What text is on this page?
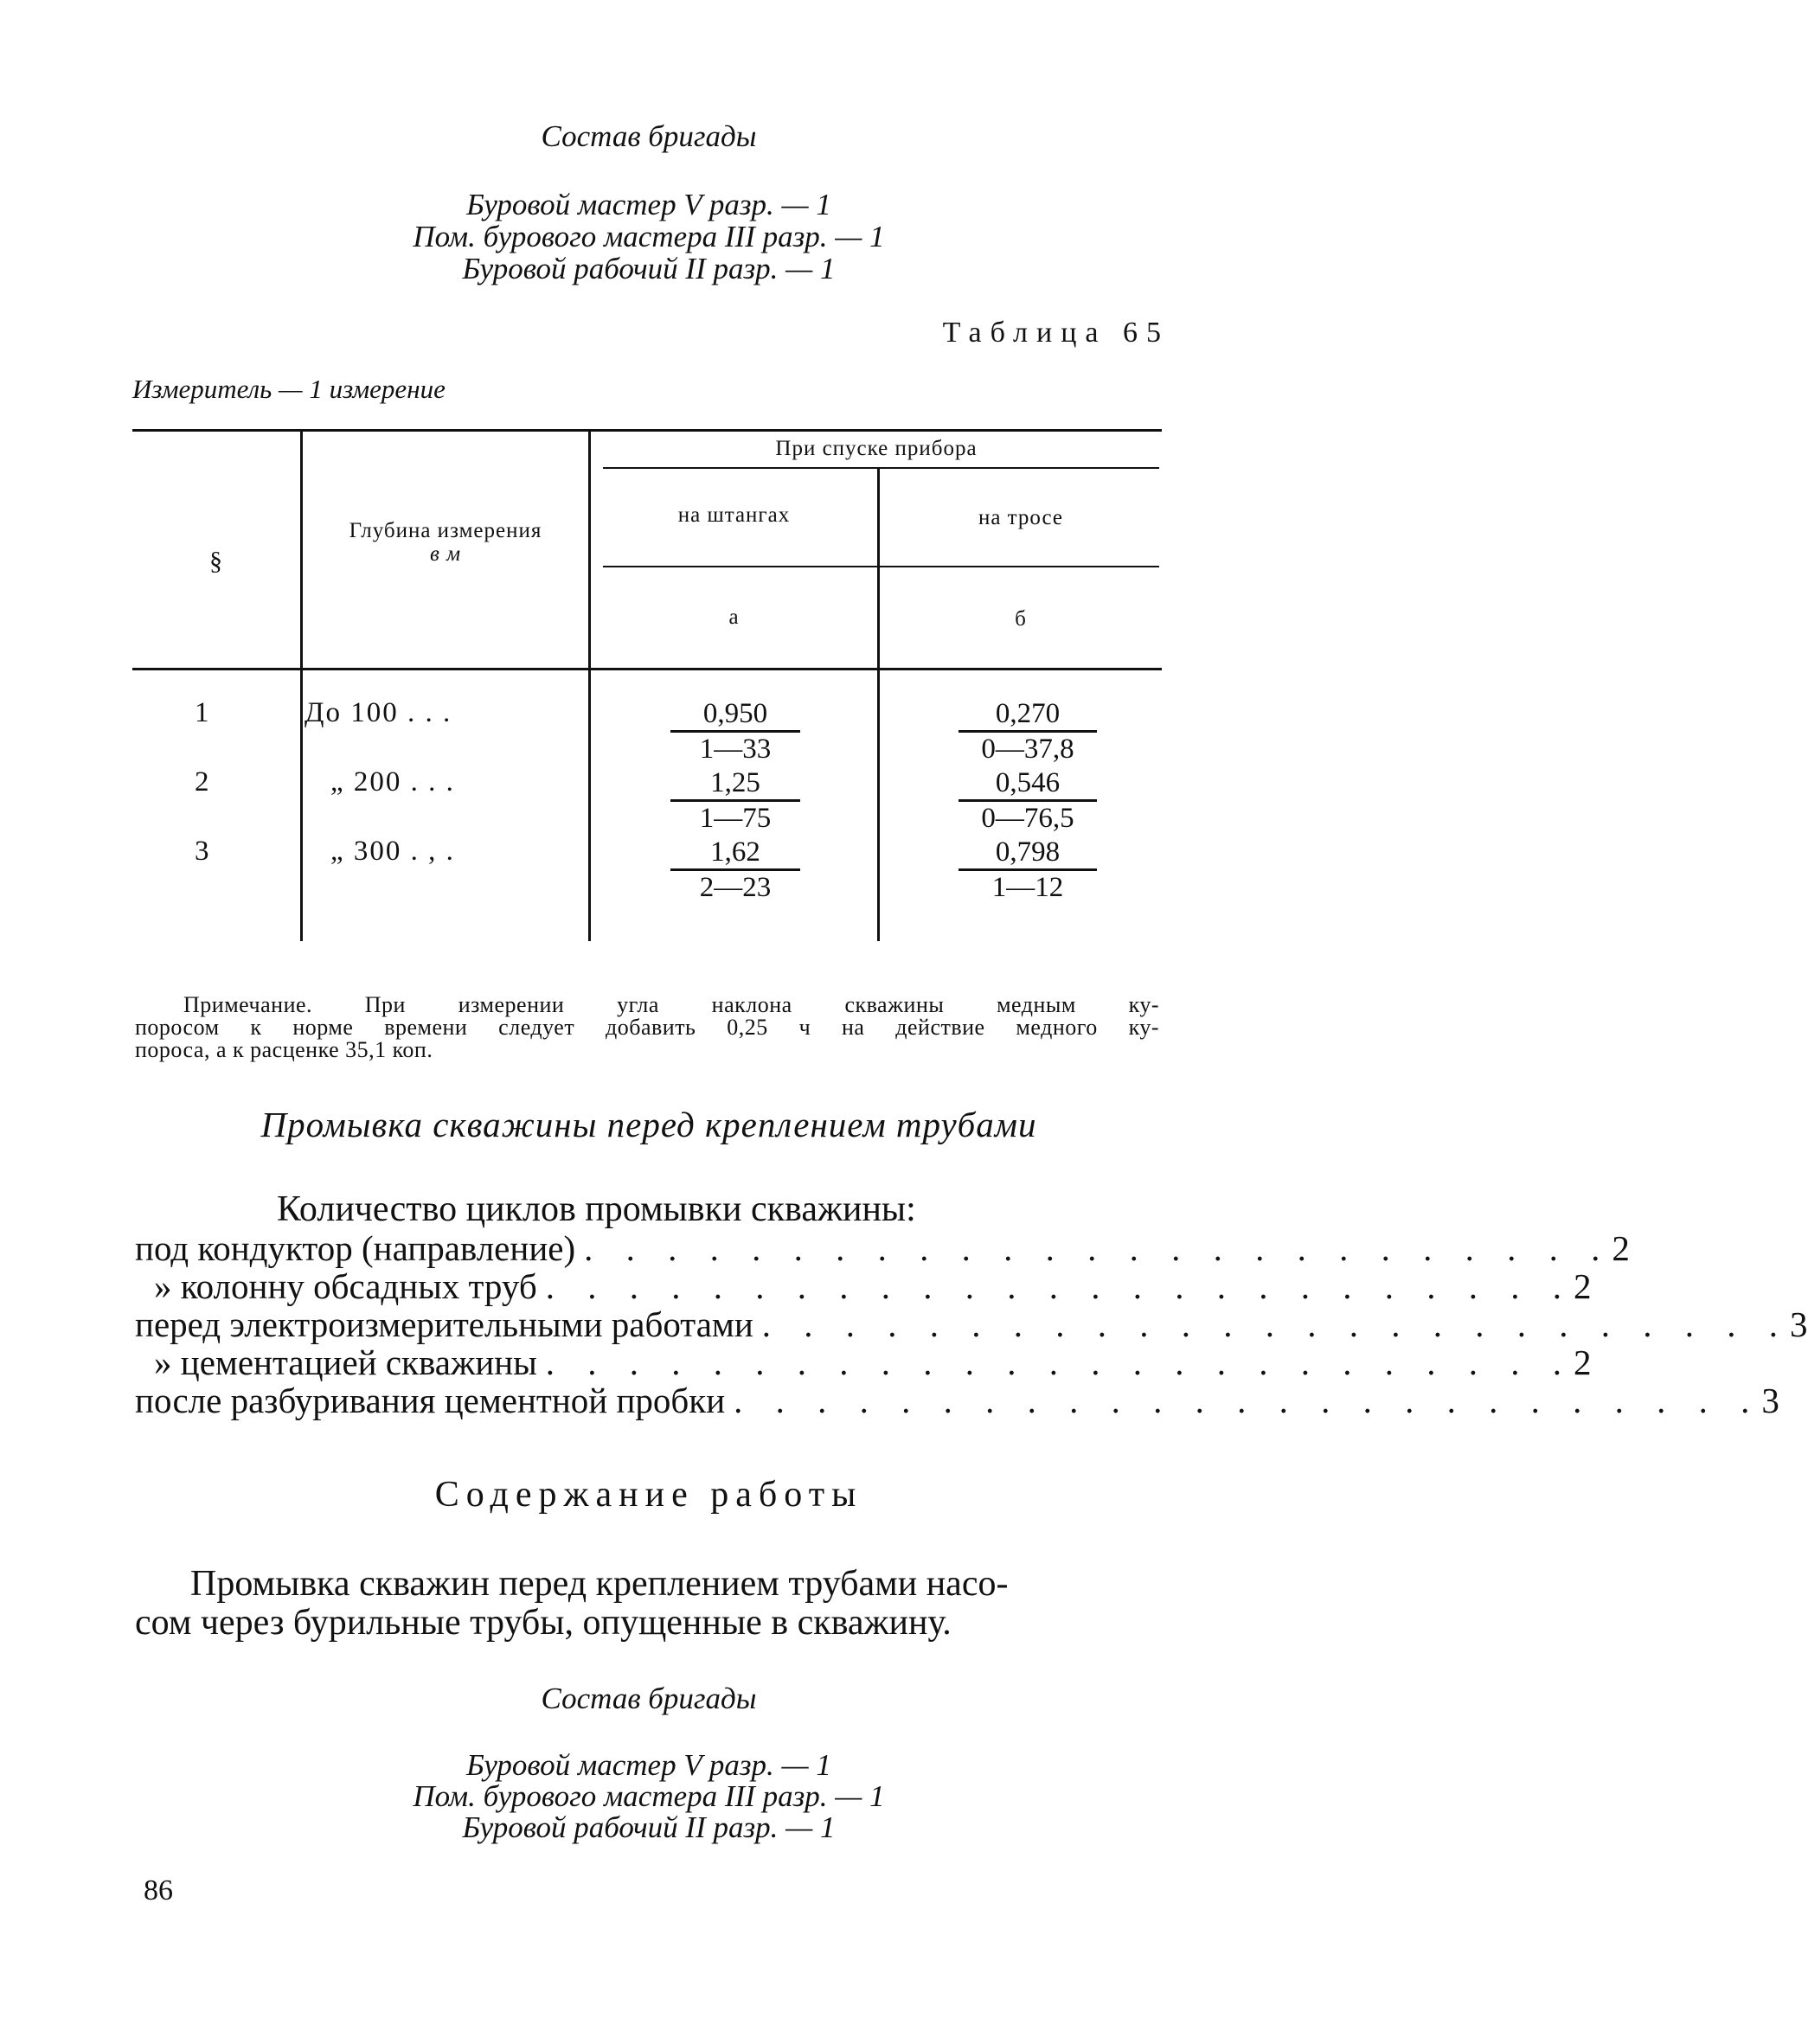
Состав бригады
Буровой мастер V разр. — 1
Пом. бурового мастера III разр. — 1
Буровой рабочий II разр. — 1
Таблица 65
Измеритель — 1 измерение
§
Глубина измерения
в м
При спуске прибора
на штангах	на тросе
а	б
1	До 100 . . .	$\frac{0,950}{1—33}$	$\frac{0,270}{0—37,8}$
2	„ 200 . . .	$\frac{1,25}{1—75}$	$\frac{0,546}{0—76,5}$
3	„ 300 . , .	$\frac{1,62}{2—23}$	$\frac{0,798}{1—12}$
Примечание. При измерении угла наклона скважины медным ку-
поросом к норме времени следует добавить 0,25 ч на действие медного ку-
пороса, а к расценке 35,1 коп.
Промывка скважины перед креплением трубами
Количество циклов промывки скважины:
под кондуктор (направление) . . . . . . . . . . . . . . . . . . . . . . . . . 2
» колонну обсадных труб . . . . . . . . . . . . . . . . . . . . . . . . . 2
перед электроизмерительными работами . . . . . . . . . . . . . . . . . . . . . . . . . 3
» цементацией скважины . . . . . . . . . . . . . . . . . . . . . . . . . 2
после разбуривания цементной пробки . . . . . . . . . . . . . . . . . . . . . . . . . 3
Содержание работы
Промывка скважин перед креплением трубами насо-
сом через бурильные трубы, опущенные в скважину.
Состав бригады
Буровой мастер V разр. — 1
Пом. бурового мастера III разр. — 1
Буровой рабочий II разр. — 1
86
